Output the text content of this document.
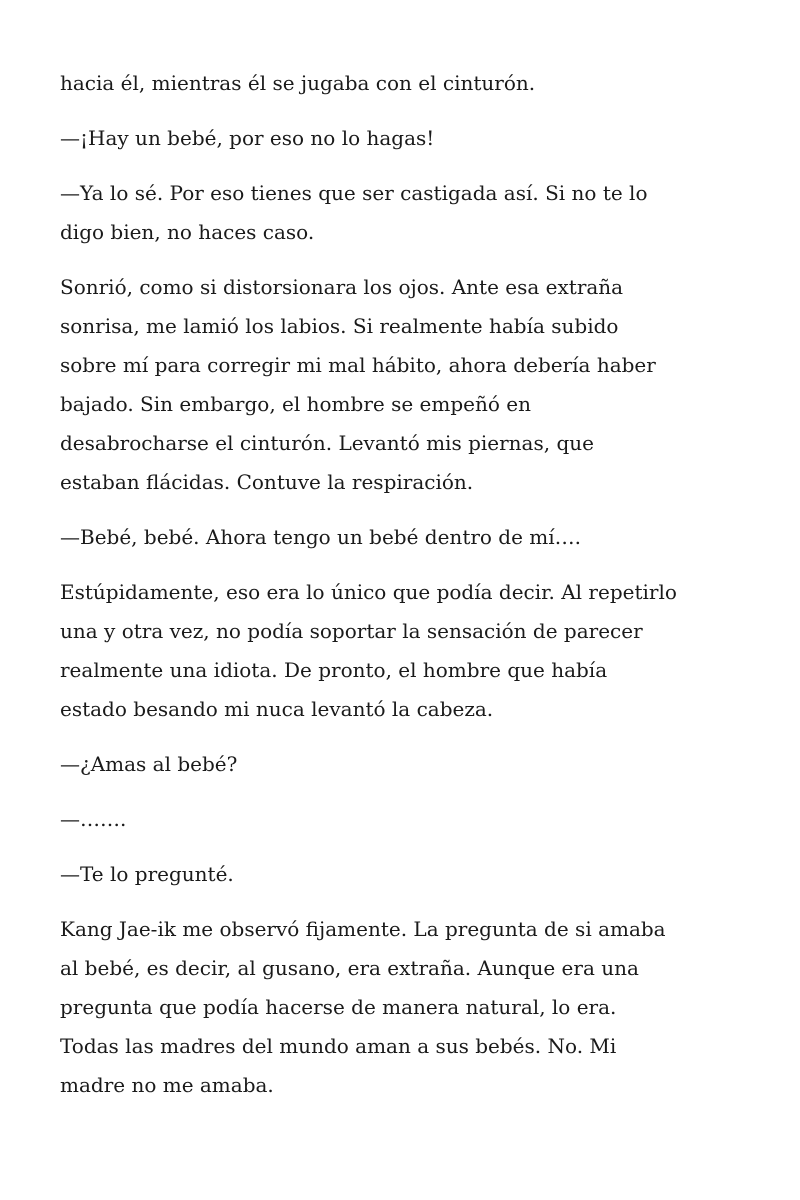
hacia él, mientras él se jugaba con el cinturón.

—¡Hay un bebé, por eso no lo hagas!

—Ya lo sé. Por eso tienes que ser castigada así. Si no te lo
digo bien, no haces caso.

Sonrió, como si distorsionara los ojos. Ante esa extraña
sonrisa, me lamió los labios. Si realmente había subido
sobre mí para corregir mi mal hábito, ahora debería haber
bajado. Sin embargo, el hombre se empeñó en
desabrocharse el cinturón. Levantó mis piernas, que
estaban flácidas. Contuve la respiración.

—Bebé, bebé. Ahora tengo un bebé dentro de mí….

Estúpidamente, eso era lo único que podía decir. Al repetirlo
una y otra vez, no podía soportar la sensación de parecer
realmente una idiota. De pronto, el hombre que había
estado besando mi nuca levantó la cabeza.

—¿Amas al bebé?

—…….

—Te lo pregunté.

Kang Jae-ik me observó fijamente. La pregunta de si amaba
al bebé, es decir, al gusano, era extraña. Aunque era una
pregunta que podía hacerse de manera natural, lo era.
Todas las madres del mundo aman a sus bebés. No. Mi
madre no me amaba.
